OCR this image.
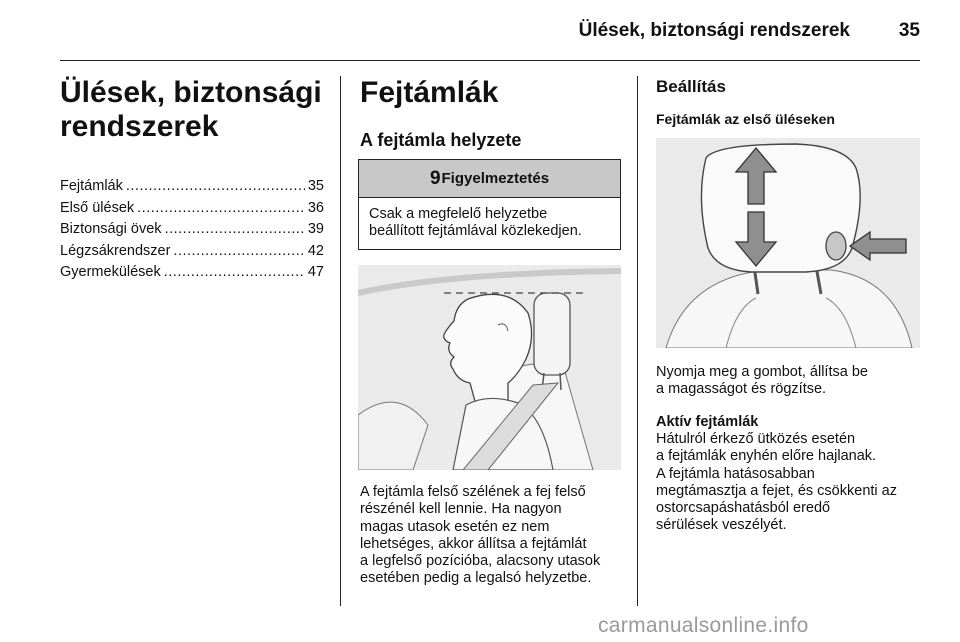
Ülések, biztonsági rendszerek	35
Ülések, biztonsági
rendszerek
Fejtámlák .....	35
Első ülések .....	36
Biztonsági övek .....	39
Légzsákrendszer .....	42
Gyermekülések .....	47
Fejtámlák
A fejtámla helyzete
9 Figyelmeztetés
Csak a megfelelő helyzetbe
beállított fejtámlával közlekedjen.
A fejtámla felső szélének a fej felső
részénél kell lennie. Ha nagyon
magas utasok esetén ez nem
lehetséges, akkor állítsa a fejtámlát
a legfelső pozícióba, alacsony utasok
esetében pedig a legalsó helyzetbe.
Beállítás
Fejtámlák az első üléseken
Nyomja meg a gombot, állítsa be
a magasságot és rögzítse.
Aktív fejtámlák
Hátulról érkező ütközés esetén
a fejtámlák enyhén előre hajlanak.
A fejtámla hatásosabban
megtámasztja a fejet, és csökkenti az
ostorcsapáshatásból eredő
sérülések veszélyét.
carmanualsonline.info
